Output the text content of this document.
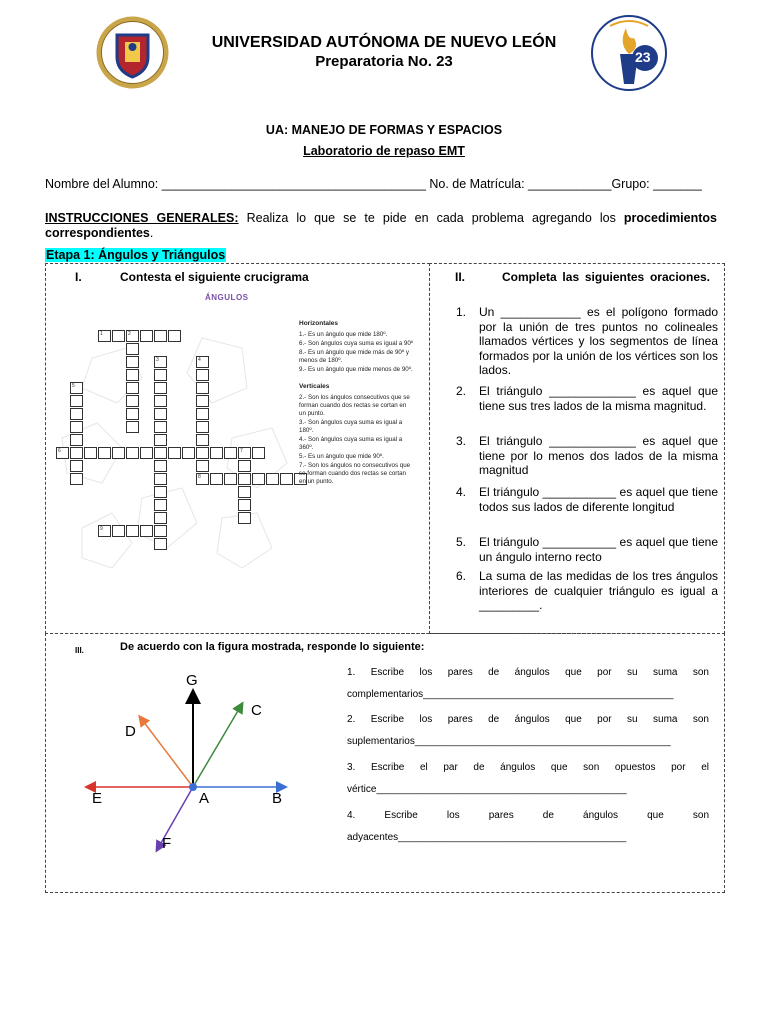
23
UNIVERSIDAD AUTÓNOMA DE NUEVO LEÓN
Preparatoria No. 23
UA: MANEJO DE FORMAS Y ESPACIOS
Laboratorio de repaso EMT
Nombre del Alumno: ______________________________________ No. de Matrícula: ____________Grupo: _______
INSTRUCCIONES GENERALES: Realiza lo que se te pide en cada problema agregando los procedimientos correspondientes.
Etapa 1: Ángulos y Triángulos
I.	Contesta el siguiente crucigrama
ÁNGULOS
1	2
3	4
5
6	7
8
9
Horizontales
1.- Es un ángulo que mide 180º.
6.- Son ángulos cuya suma es igual a 90º
8.- Es un ángulo que mide más de 90º y menos de 180º.
9.- Es un ángulo que mide menos de 90º.
Verticales
2.- Son los ángulos consecutivos que se forman cuando dos rectas se cortan en un punto.
3.- Son ángulos cuya suma es igual a 180º.
4.- Son ángulos cuya suma es igual a 360º.
5.- Es un ángulo que mide 90º.
7.- Son los ángulos no consecutivos que se forman cuando dos rectas se cortan en un punto.
II.	Completa las siguientes oraciones.
1. Un ____________ es el polígono formado por la unión de tres puntos no colineales llamados vértices y los segmentos de línea formados por la unión de los vértices son los lados.
2. El triángulo _____________ es aquel que tiene sus tres lados de la misma magnitud.
3. El triángulo _____________ es aquel que tiene por lo menos dos lados de la misma magnitud
4. El triángulo ___________ es aquel que tiene todos sus lados de diferente longitud
5. El triángulo ___________ es aquel que tiene un ángulo interno recto
6. La suma de las medidas de los tres ángulos interiores de cualquier triángulo es igual a _________.
III.	De acuerdo con la figura mostrada, responde lo siguiente:
G
C
D
E	A	B
F
1. Escribe los pares de ángulos que por su suma son
complementarios_____________________________________________
2. Escribe los pares de ángulos que por su suma son
suplementarios______________________________________________
3. Escribe el par de ángulos que son opuestos por el
vértice_____________________________________________
4. Escribe los pares de ángulos que son
adyacentes_________________________________________
